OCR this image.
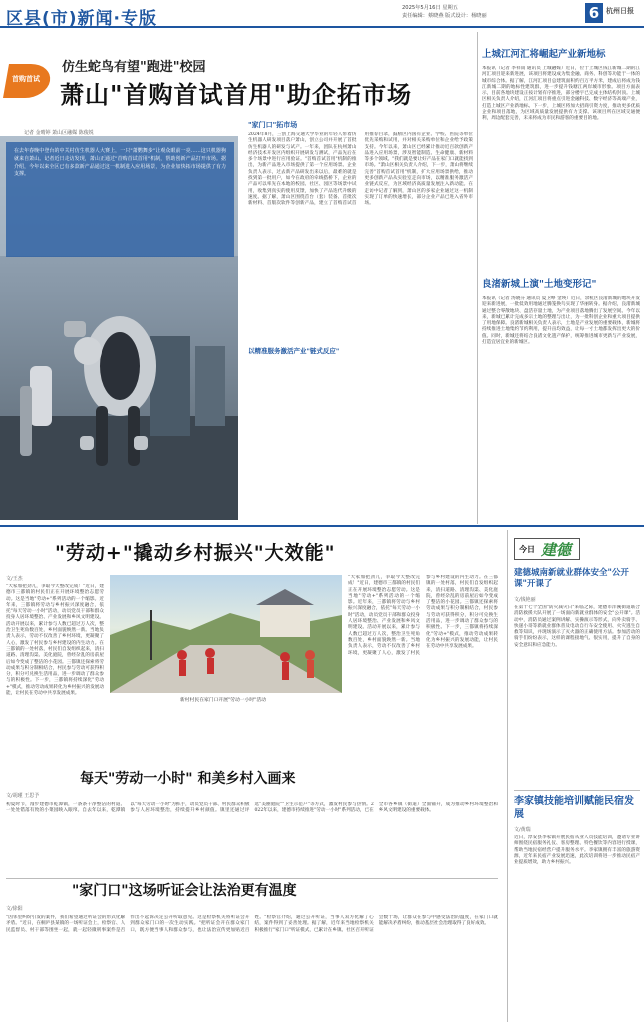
区县(市)新闻·专版
2025年5月16日 星期五
责任编辑：蔡晓燕 版式设计：杨晓丽	6 杭州日报
首购首试
仿生蛇鸟有望"跑进"校园
萧山"首购首试首用"助企拓市场
记者 金晴婷 萧山区融媒 陈俊锐
在去年春晚中登台的中关村仿生机器人大赛上，一只"萧鹦舞步"让观众眼前一亮……这只机器狗就来自萧山。记者近日走访发现，萧山正通过"首购首试首用"机制，帮助创新产品打开市场。据介绍，今年以来全区已有多款新产品通过这一机制进入应用场景，为企业加快拓市场提供了有力支撑。
"家门口"拓市场
2024年8月，三创上海交通大学毕业的年轻人带着仿生机器人研发项目落户萧山，创立公司并开展了首批仿生机器人的研发与试产。一年来，团队在杭州萧山经济技术开发区内组织开展研发与测试，产品先后在多个场景中进行应用验证。"首购首试首用"机制的推出，为新产品进入市场提供了第一个应用场景。企业负责人表示，过去新产品研发出来以后，最难的就是找到第一批用户，如今在政府的牵线搭桥下，企业的产品可以率先在本地的校园、社区、园区等场景中试用，收集到真实的使用反馈，加快了产品迭代升级的速度。据了解，萧山区围绕首台（套）装备、首批次新材料、首版次软件等创新产品，建立了首购首试首用推荐目录，鼓励区内国有企业、学校、医院等单位优先采购和试用，并对相关采购单位和企业给予政策支持。今年以来，萧山区已经累计推动近百款创新产品进入应用场景，涉及智能制造、生命健康、新材料等多个领域。"我们就是要让好产品在家门口就能找到市场。"萧山区相关负责人介绍，下一步，萧山将继续完善"首购首试首用"机制，扩大应用场景供给，推动更多创新产品从实验室走向市场，以精准服务激活产业链式反应，为区域经济高质量发展注入新动能。在走访中记者了解到，萧山区的多家企业通过这一机制实现了订单的快速增长，部分企业产品已进入省外市场。
以精准服务激活产业"链式反应"
上城江河汇将崛起产业新地标
本报讯（记者 李祥雨 通讯员 上城融媒）近日，位于上城区钱江新城二期的江河汇项目迎来新进展，该项目将建设成为集金融、商务、科创等功能于一体的城市综合体。据了解，江河汇项目总建筑面积约百万平方米，建成后将成为钱江新城二期的地标性建筑群，进一步提升钱塘江两岸城市形象。项目方面表示，目前各地块建设正按计划有序推进，部分楼宇已完成主体结构封顶。上城区相关负责人介绍，江河汇项目将重点引进金融科技、数字经济等高端产业，打造上城区产业新地标。下一步，上城区将加大招商引资力度，推动更多优质企业和项目落地，为区域高质量发展提供有力支撑。该项目所在区域交通便利，周边配套完善，未来将成为市民和游客的重要目的地。
良渚新城上演"土地变形记"
本报讯（记者 汤晓芬 通讯员 夏卫峥 金瑛）近日，余杭区良渚新城的地块开发迎来新进展，一批低效用地通过腾笼换鸟实现了华丽转身。据介绍，良渚新城通过整合零散地块、盘活存量土地，为产业项目落地腾出了发展空间。今年以来，新城已累计完成多宗土地的整理与出让，为一批科创企业和重大项目提供了用地保障。良渚新城相关负责人表示，土地是产业发展的重要载体，新城将持续推进土地集约节约利用，提升亩均效益，让每一寸土地都发挥出更大的价值。同时，新城还将结合良渚文化遗产保护，统筹推进城市更新与产业发展，打造宜居宜业的新城区。
"劳动+"撬动乡村振兴"大效能"
文/王杰
"大家加把劲儿，争取今天整改完成！"近日，建德市三都镇的村民们正在开展环境整治志愿劳动。这是当地"劳动+"系列活动的一个缩影。近年来，三都镇将劳动与乡村振兴深度融合，依托"每天劳动一小时"活动，动员党员干部和群众投身人居环境整治、产业发展和乡风文明建设。活动开展以来，累计参与人数已超过万人次，整治卫生死角数百处，乡村面貌焕然一新。当地负责人表示，劳动不仅改善了乡村环境，更凝聚了人心，激发了村民参与乡村建设的内生动力。在三都镇的一处村落，村民们自发组织起来，清扫道路、清理沟渠、美化庭院，曾经杂乱的房前屋后如今变成了整洁的小花园。三都镇还探索将劳动成果与积分制相结合，村民参与劳动可获得积分，积分可兑换生活用品，进一步调动了群众参与的积极性。下一步，三都镇将持续深化"劳动+"模式，推动劳动成果转化为乡村振兴的发展动能，让村民在劳动中共享发展成果。
新村村民在家门口开展"劳动一小时"活动
"大家加把劲儿，争取今天整改完成！"近日，建德市三都镇的村民们正在开展环境整治志愿劳动。这是当地"劳动+"系列活动的一个缩影。近年来，三都镇将劳动与乡村振兴深度融合，依托"每天劳动一小时"活动，动员党员干部和群众投身人居环境整治、产业发展和乡风文明建设。活动开展以来，累计参与人数已超过万人次，整治卫生死角数百处，乡村面貌焕然一新。当地负责人表示，劳动不仅改善了乡村环境，更凝聚了人心，激发了村民参与乡村建设的内生动力。在三都镇的一处村落，村民们自发组织起来，清扫道路、清理沟渠、美化庭院，曾经杂乱的房前屋后如今变成了整洁的小花园。三都镇还探索将劳动成果与积分制相结合，村民参与劳动可获得积分，积分可兑换生活用品，进一步调动了群众参与的积极性。下一步，三都镇将持续深化"劳动+"模式，推动劳动成果转化为乡村振兴的发展动能，让村民在劳动中共享发展成果。
每天"劳动一小时" 和美乡村入画来
文/胡瑾 王思予
初夏时节，漫步建德市乾潭镇，一条条干净整洁的村道、一处处错落有致的小菜园映入眼帘。自去年以来，乾潭镇以"每天劳动一小时"为抓手，动员党员干部、村民群众积极参与人居环境整治，持续提升乡村颜值。镇里还通过评选"美丽庭院""卫生示范户"等方式，激发村民参与热情。2022年以来，建德市持续推进"劳动一小时"系列活动，已在全市各乡镇（街道）全面铺开，成为推动乡村环境整治和乡风文明建设的重要载体。
"家门口"这场听证会让法治更有温度
文/徐阳
"因邻里纠纷引发的案件，我们希望通过听证会的形式化解矛盾。"近日，在桐庐县某镇的一场听证会上，检察官、人民监督员、村干部等围坐一起，就一起轻微刑事案件是否作出不起诉决定公开听取意见。这是检察机关将听证会开到群众家门口的一次生动实践。"把听证会开在群众家门口，既方便当事人和群众参与，也让法治宣传更加贴近百姓。"检察官介绍，通过公开听证，当事人双方化解了心结，案件得到了妥善处理。据了解，近年来当地检察机关积极推行"家门口"听证模式，已累计在乡镇、社区召开听证会数十场，让群众在参与中感受法治的温度，在家门口就能解决矛盾纠纷，推动基层社会治理取得了良好成效。
今日 建德
建德城南新就业群体安全"公开课"开课了
文/钱艳丽
在第十七个全国"防灾减灾日"来临之际，建德市洋溪街道联合消防救援大队开展了一场面向新就业群体的安全"公开课"。活动中，消防员通过案例讲解、实操演示等形式，向外卖骑手、快递小哥等新就业群体普及电动自行车安全使用、火灾逃生自救等知识，并现场演示了灭火器的正确使用方法。参加活动的骑手们纷纷表示，这样的课程接地气、很实用，提升了自身的安全意识和应急能力。
李家镇技能培训赋能民宿发展
文/黄瑞
近日，淳安县李家镇开展民宿从业人员技能培训，邀请专业讲师围绕民宿服务礼仪、客房整理、特色餐饮等内容进行授课，帮助当地民宿经营户提升服务水平。李家镇拥有丰富的旅游资源，近年来民宿产业发展迅速，此次培训将进一步推动民宿产业提质增效，助力乡村振兴。
